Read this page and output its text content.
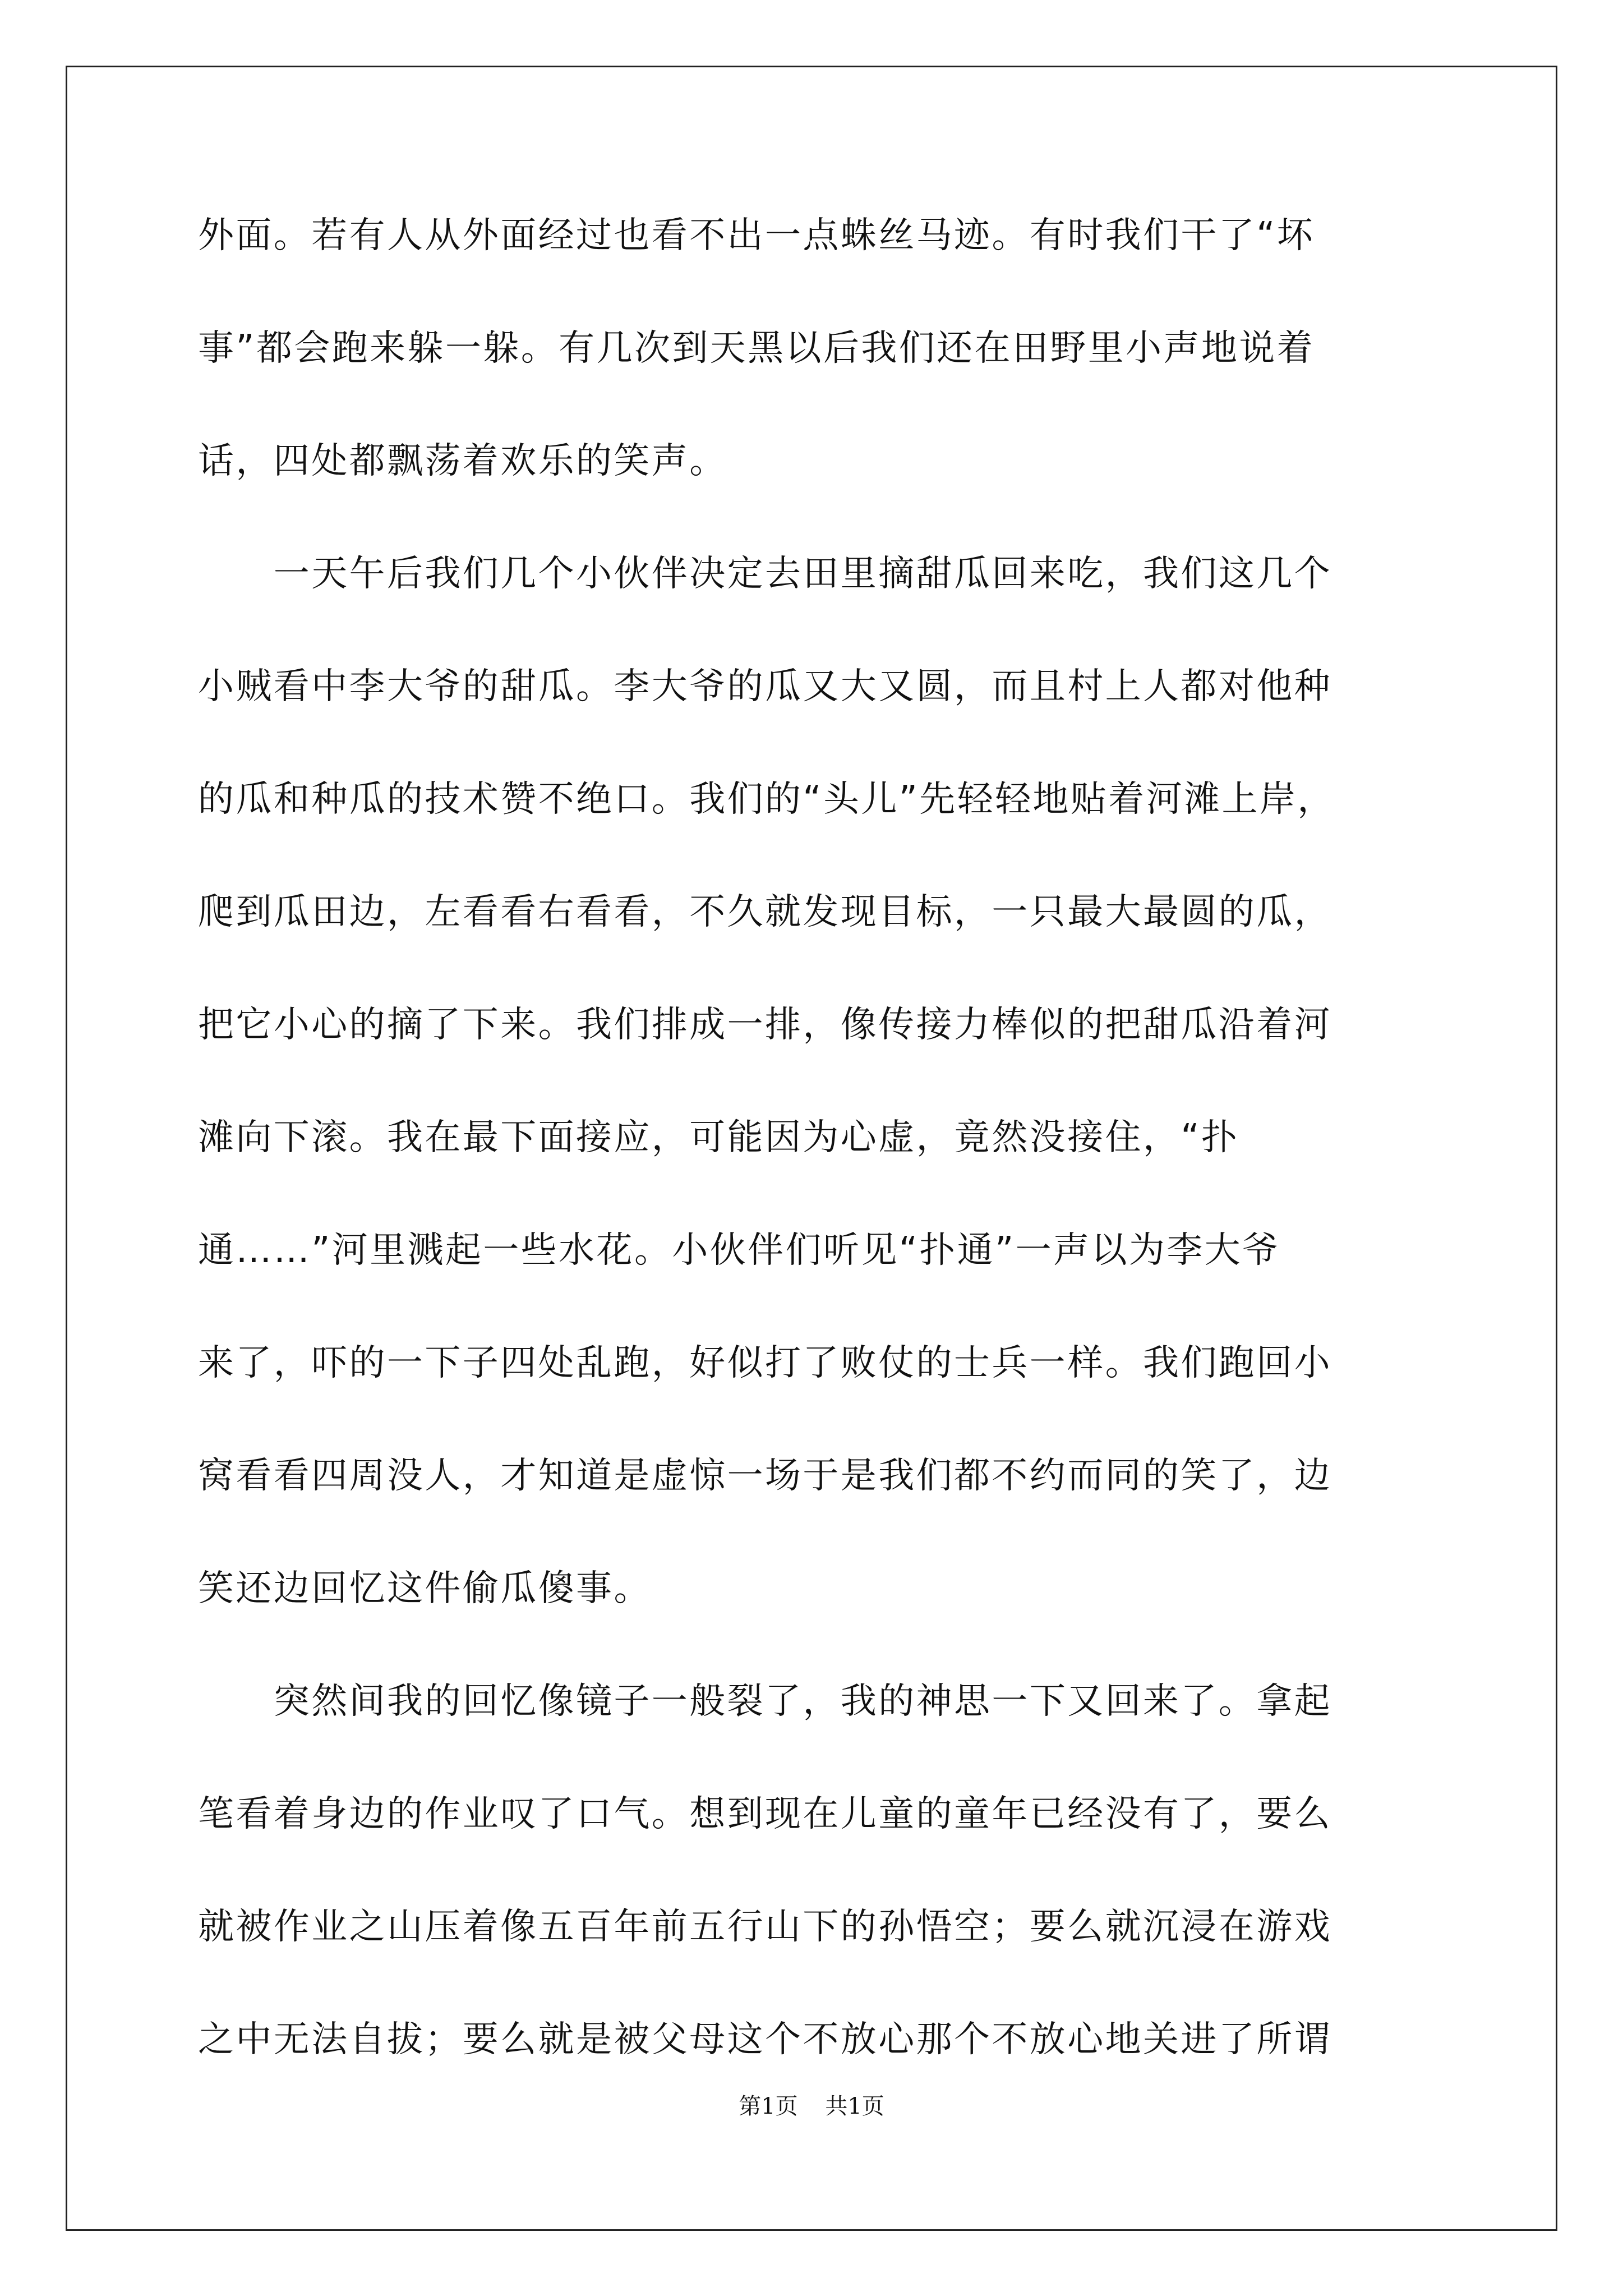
外面。若有人从外面经过也看不出一点蛛丝马迹。有时我们干了“坏
事”都会跑来躲一躲。有几次到天黑以后我们还在田野里小声地说着
话，四处都飘荡着欢乐的笑声。
　　一天午后我们几个小伙伴决定去田里摘甜瓜回来吃，我们这几个
小贼看中李大爷的甜瓜。李大爷的瓜又大又圆，而且村上人都对他种
的瓜和种瓜的技术赞不绝口。我们的“头儿”先轻轻地贴着河滩上岸，
爬到瓜田边，左看看右看看，不久就发现目标，一只最大最圆的瓜，
把它小心的摘了下来。我们排成一排，像传接力棒似的把甜瓜沿着河
滩向下滚。我在最下面接应，可能因为心虚，竟然没接住，“扑
通……”河里溅起一些水花。小伙伴们听见“扑通”一声以为李大爷
来了，吓的一下子四处乱跑，好似打了败仗的士兵一样。我们跑回小
窝看看四周没人，才知道是虚惊一场于是我们都不约而同的笑了，边
笑还边回忆这件偷瓜傻事。
　　突然间我的回忆像镜子一般裂了，我的神思一下又回来了。拿起
笔看着身边的作业叹了口气。想到现在儿童的童年已经没有了，要么
就被作业之山压着像五百年前五行山下的孙悟空；要么就沉浸在游戏
之中无法自拔；要么就是被父母这个不放心那个不放心地关进了所谓
第1页 共1页
